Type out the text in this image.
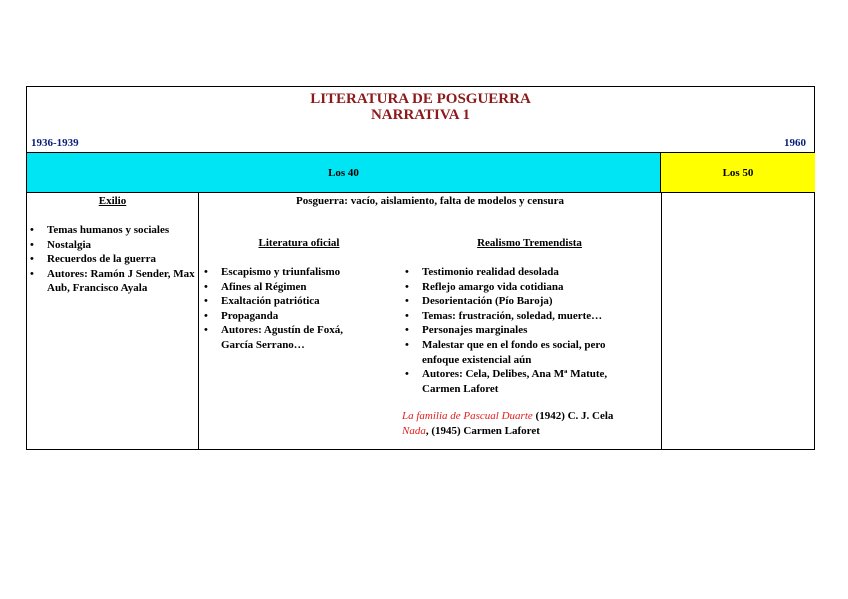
LITERATURA DE POSGUERRA
NARRATIVA 1
1936-1939	1960
Los 40	Los 50
Exilio
• Temas humanos y sociales
• Nostalgia
• Recuerdos de la guerra
• Autores: Ramón J Sender, Max Aub, Francisco Ayala
Posguerra: vacío, aislamiento, falta de modelos y censura
Literatura oficial
• Escapismo y triunfalismo
• Afines al Régimen
• Exaltación patriótica
• Propaganda
• Autores: Agustín de Foxá, García Serrano…
Realismo Tremendista
• Testimonio realidad desolada
• Reflejo amargo vida cotidiana
• Desorientación (Pío Baroja)
• Temas: frustración, soledad, muerte…
• Personajes marginales
• Malestar que en el fondo es social, pero enfoque existencial aún
• Autores: Cela, Delibes, Ana Mª Matute, Carmen Laforet
La familia de Pascual Duarte (1942) C. J. Cela
Nada, (1945) Carmen Laforet
